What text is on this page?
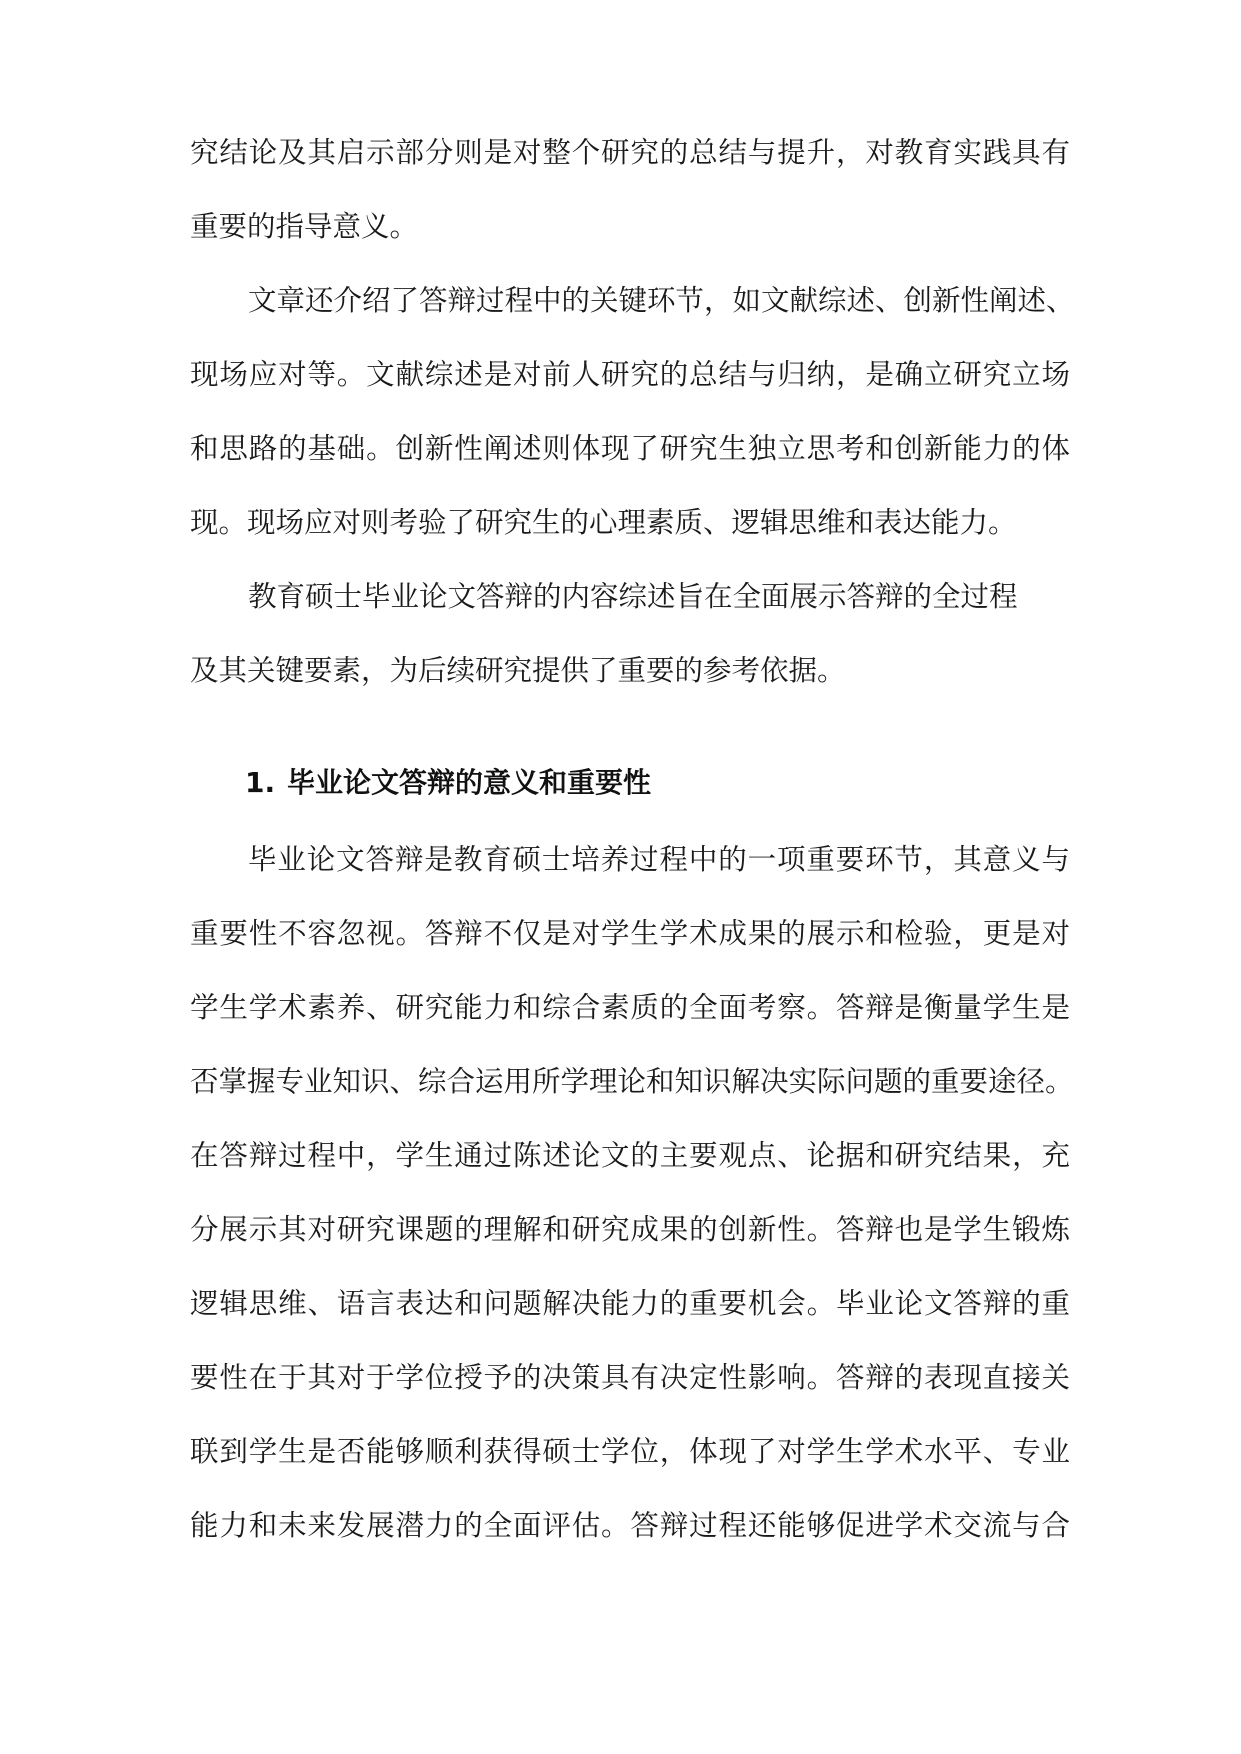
究结论及其启示部分则是对整个研究的总结与提升，对教育实践具有
重要的指导意义。
文章还介绍了答辩过程中的关键环节，如文献综述、创新性阐述、
现场应对等。文献综述是对前人研究的总结与归纳，是确立研究立场
和思路的基础。创新性阐述则体现了研究生独立思考和创新能力的体
现。现场应对则考验了研究生的心理素质、逻辑思维和表达能力。
教育硕士毕业论文答辩的内容综述旨在全面展示答辩的全过程
及其关键要素，为后续研究提供了重要的参考依据。
1. 毕业论文答辩的意义和重要性
毕业论文答辩是教育硕士培养过程中的一项重要环节，其意义与
重要性不容忽视。答辩不仅是对学生学术成果的展示和检验，更是对
学生学术素养、研究能力和综合素质的全面考察。答辩是衡量学生是
否掌握专业知识、综合运用所学理论和知识解决实际问题的重要途径。
在答辩过程中，学生通过陈述论文的主要观点、论据和研究结果，充
分展示其对研究课题的理解和研究成果的创新性。答辩也是学生锻炼
逻辑思维、语言表达和问题解决能力的重要机会。毕业论文答辩的重
要性在于其对于学位授予的决策具有决定性影响。答辩的表现直接关
联到学生是否能够顺利获得硕士学位，体现了对学生学术水平、专业
能力和未来发展潜力的全面评估。答辩过程还能够促进学术交流与合
